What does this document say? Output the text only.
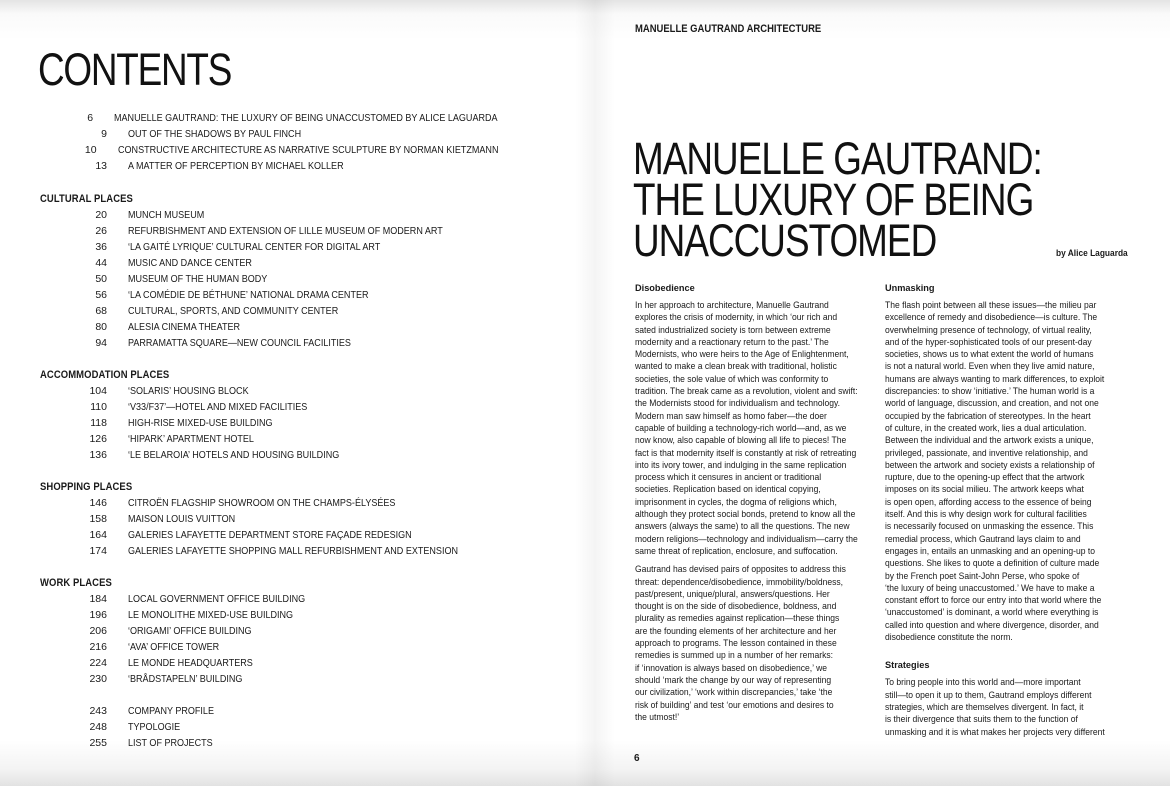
CONTENTS
6	MANUELLE GAUTRAND: THE LUXURY OF BEING UNACCUSTOMED BY ALICE LAGUARDA
9	OUT OF THE SHADOWS BY PAUL FINCH
10	CONSTRUCTIVE ARCHITECTURE AS NARRATIVE SCULPTURE BY NORMAN KIETZMANN
13	A MATTER OF PERCEPTION BY MICHAEL KOLLER
CULTURAL PLACES
20	MUNCH MUSEUM
26	REFURBISHMENT AND EXTENSION OF LILLE MUSEUM OF MODERN ART
36	‘LA GAITÉ LYRIQUE’ CULTURAL CENTER FOR DIGITAL ART
44	MUSIC AND DANCE CENTER
50	MUSEUM OF THE HUMAN BODY
56	‘LA COMÉDIE DE BÉTHUNE’ NATIONAL DRAMA CENTER
68	CULTURAL, SPORTS, AND COMMUNITY CENTER
80	ALESIA CINEMA THEATER
94	PARRAMATTA SQUARE—NEW COUNCIL FACILITIES
ACCOMMODATION PLACES
104	‘SOLARIS’ HOUSING BLOCK
110	‘V33/F37’—HOTEL AND MIXED FACILITIES
118	HIGH-RISE MIXED-USE BUILDING
126	‘HIPARK’ APARTMENT HOTEL
136	‘LE BELAROIA’ HOTELS AND HOUSING BUILDING
SHOPPING PLACES
146	CITROËN FLAGSHIP SHOWROOM ON THE CHAMPS-ÉLYSÉES
158	MAISON LOUIS VUITTON
164	GALERIES LAFAYETTE DEPARTMENT STORE FAÇADE REDESIGN
174	GALERIES LAFAYETTE SHOPPING MALL REFURBISHMENT AND EXTENSION
WORK PLACES
184	LOCAL GOVERNMENT OFFICE BUILDING
196	LE MONOLITHE MIXED-USE BUILDING
206	‘ORIGAMI’ OFFICE BUILDING
216	‘AVA’ OFFICE TOWER
224	LE MONDE HEADQUARTERS
230	‘BRÅDSTAPELN’ BUILDING
243	COMPANY PROFILE
248	TYPOLOGIE
255	LIST OF PROJECTS
MANUELLE GAUTRAND ARCHITECTURE
MANUELLE GAUTRAND:
THE LUXURY OF BEING
UNACCUSTOMED	by Alice Laguarda
Disobedience

In her approach to architecture, Manuelle Gautrand
explores the crisis of modernity, in which ‘our rich and
sated industrialized society is torn between extreme
modernity and a reactionary return to the past.’ The
Modernists, who were heirs to the Age of Enlightenment,
wanted to make a clean break with traditional, holistic
societies, the sole value of which was conformity to
tradition. The break came as a revolution, violent and swift:
the Modernists stood for individualism and technology.
Modern man saw himself as homo faber—the doer
capable of building a technology-rich world—and, as we
now know, also capable of blowing all life to pieces! The
fact is that modernity itself is constantly at risk of retreating
into its ivory tower, and indulging in the same replication
process which it censures in ancient or traditional
societies. Replication based on identical copying,
imprisonment in cycles, the dogma of religions which,
although they protect social bonds, pretend to know all the
answers (always the same) to all the questions. The new
modern religions—technology and individualism—carry the
same threat of replication, enclosure, and suffocation.

Gautrand has devised pairs of opposites to address this
threat: dependence/disobedience, immobility/boldness,
past/present, unique/plural, answers/questions. Her
thought is on the side of disobedience, boldness, and
plurality as remedies against replication—these things
are the founding elements of her architecture and her
approach to programs. The lesson contained in these
remedies is summed up in a number of her remarks:
if ‘innovation is always based on disobedience,’ we
should ‘mark the change by our way of representing
our civilization,’ ‘work within discrepancies,’ take ‘the
risk of building’ and test ‘our emotions and desires to
the utmost!’

Unmasking

The flash point between all these issues—the milieu par
excellence of remedy and disobedience—is culture. The
overwhelming presence of technology, of virtual reality,
and of the hyper-sophisticated tools of our present-day
societies, shows us to what extent the world of humans
is not a natural world. Even when they live amid nature,
humans are always wanting to mark differences, to exploit
discrepancies: to show ‘initiative.’ The human world is a
world of language, discussion, and creation, and not one
occupied by the fabrication of stereotypes. In the heart
of culture, in the created work, lies a dual articulation.
Between the individual and the artwork exists a unique,
privileged, passionate, and inventive relationship, and
between the artwork and society exists a relationship of
rupture, due to the opening-up effect that the artwork
imposes on its social milieu. The artwork keeps what
is open open, affording access to the essence of being
itself. And this is why design work for cultural facilities
is necessarily focused on unmasking the essence. This
remedial process, which Gautrand lays claim to and
engages in, entails an unmasking and an opening-up to
questions. She likes to quote a definition of culture made
by the French poet Saint-John Perse, who spoke of
‘the luxury of being unaccustomed.’ We have to make a
constant effort to force our entry into that world where the
‘unaccustomed’ is dominant, a world where everything is
called into question and where divergence, disorder, and
disobedience constitute the norm.

Strategies

To bring people into this world and—more important
still—to open it up to them, Gautrand employs different
strategies, which are themselves divergent. In fact, it
is their divergence that suits them to the function of
unmasking and it is what makes her projects very different

6
